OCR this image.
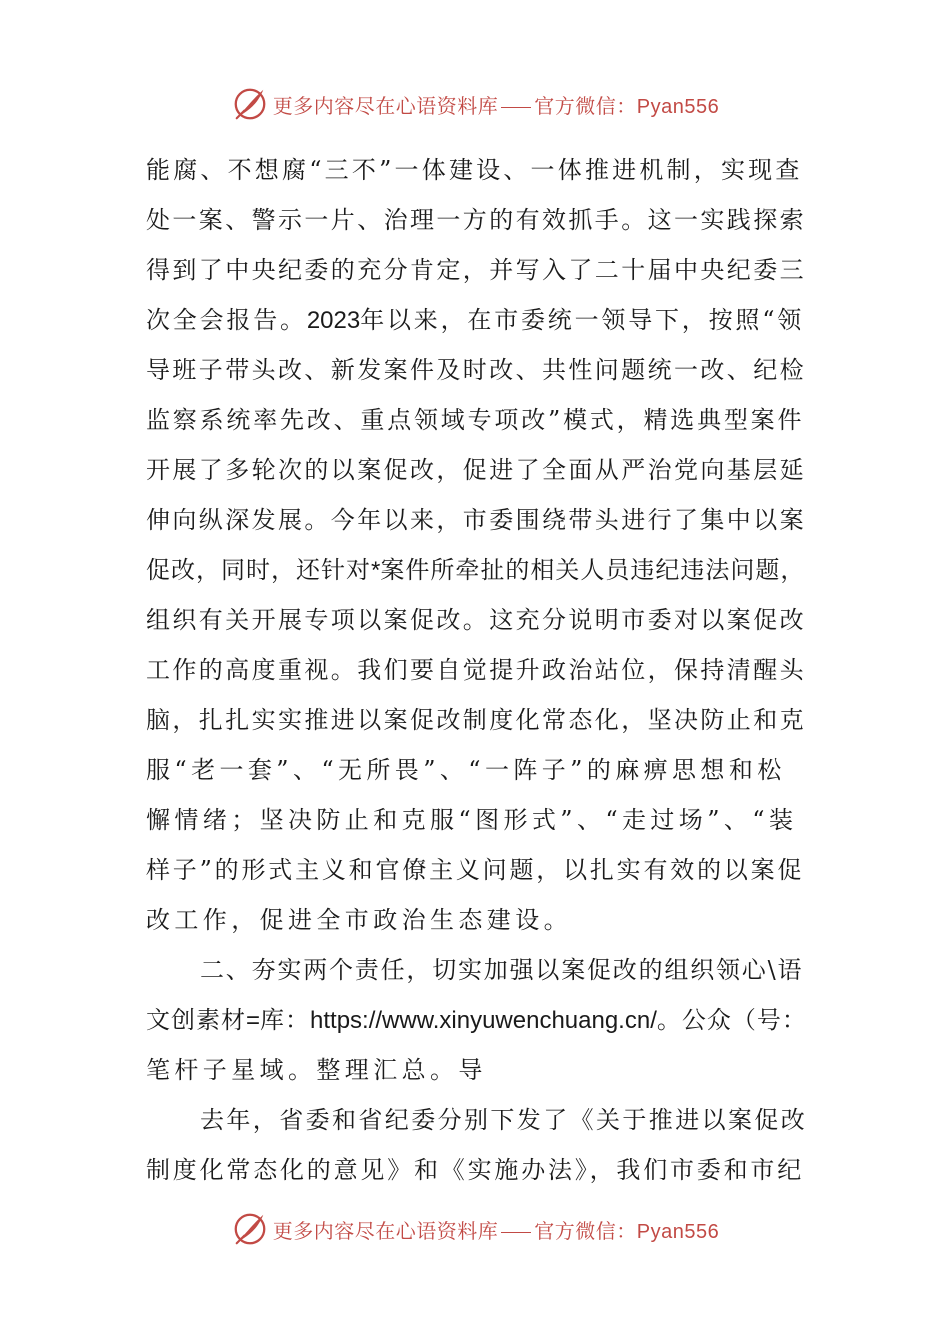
更多内容尽在心语资料库 官方微信：Pyan556
能腐、不想腐“三不”一体建设、一体推进机制，实现查
处一案、警示一片、治理一方的有效抓手。这一实践探索
得到了中央纪委的充分肯定，并写入了二十届中央纪委三
次全会报告。2023年以来，在市委统一领导下，按照“领
导班子带头改、新发案件及时改、共性问题统一改、纪检
监察系统率先改、重点领域专项改”模式，精选典型案件
开展了多轮次的以案促改，促进了全面从严治党向基层延
伸向纵深发展。今年以来，市委围绕带头进行了集中以案
促改，同时，还针对*案件所牵扯的相关人员违纪违法问题，
组织有关开展专项以案促改。这充分说明市委对以案促改
工作的高度重视。我们要自觉提升政治站位，保持清醒头
脑，扎扎实实推进以案促改制度化常态化，坚决防止和克
服“老一套”、“无所畏”、“一阵子”的麻痹思想和松
懈情绪；坚决防止和克服“图形式”、“走过场”、“装
样子”的形式主义和官僚主义问题，以扎实有效的以案促
改工作，促进全市政治生态建设。
二、夯实两个责任，切实加强以案促改的组织领心\语
文创素材=库：https://www.xinyuwenchuang.cn/。公众（号：
笔杆子星域。整理汇总。导
去年，省委和省纪委分别下发了《关于推进以案促改
制度化常态化的意见》和《实施办法》，我们市委和市纪
更多内容尽在心语资料库 官方微信：Pyan556
